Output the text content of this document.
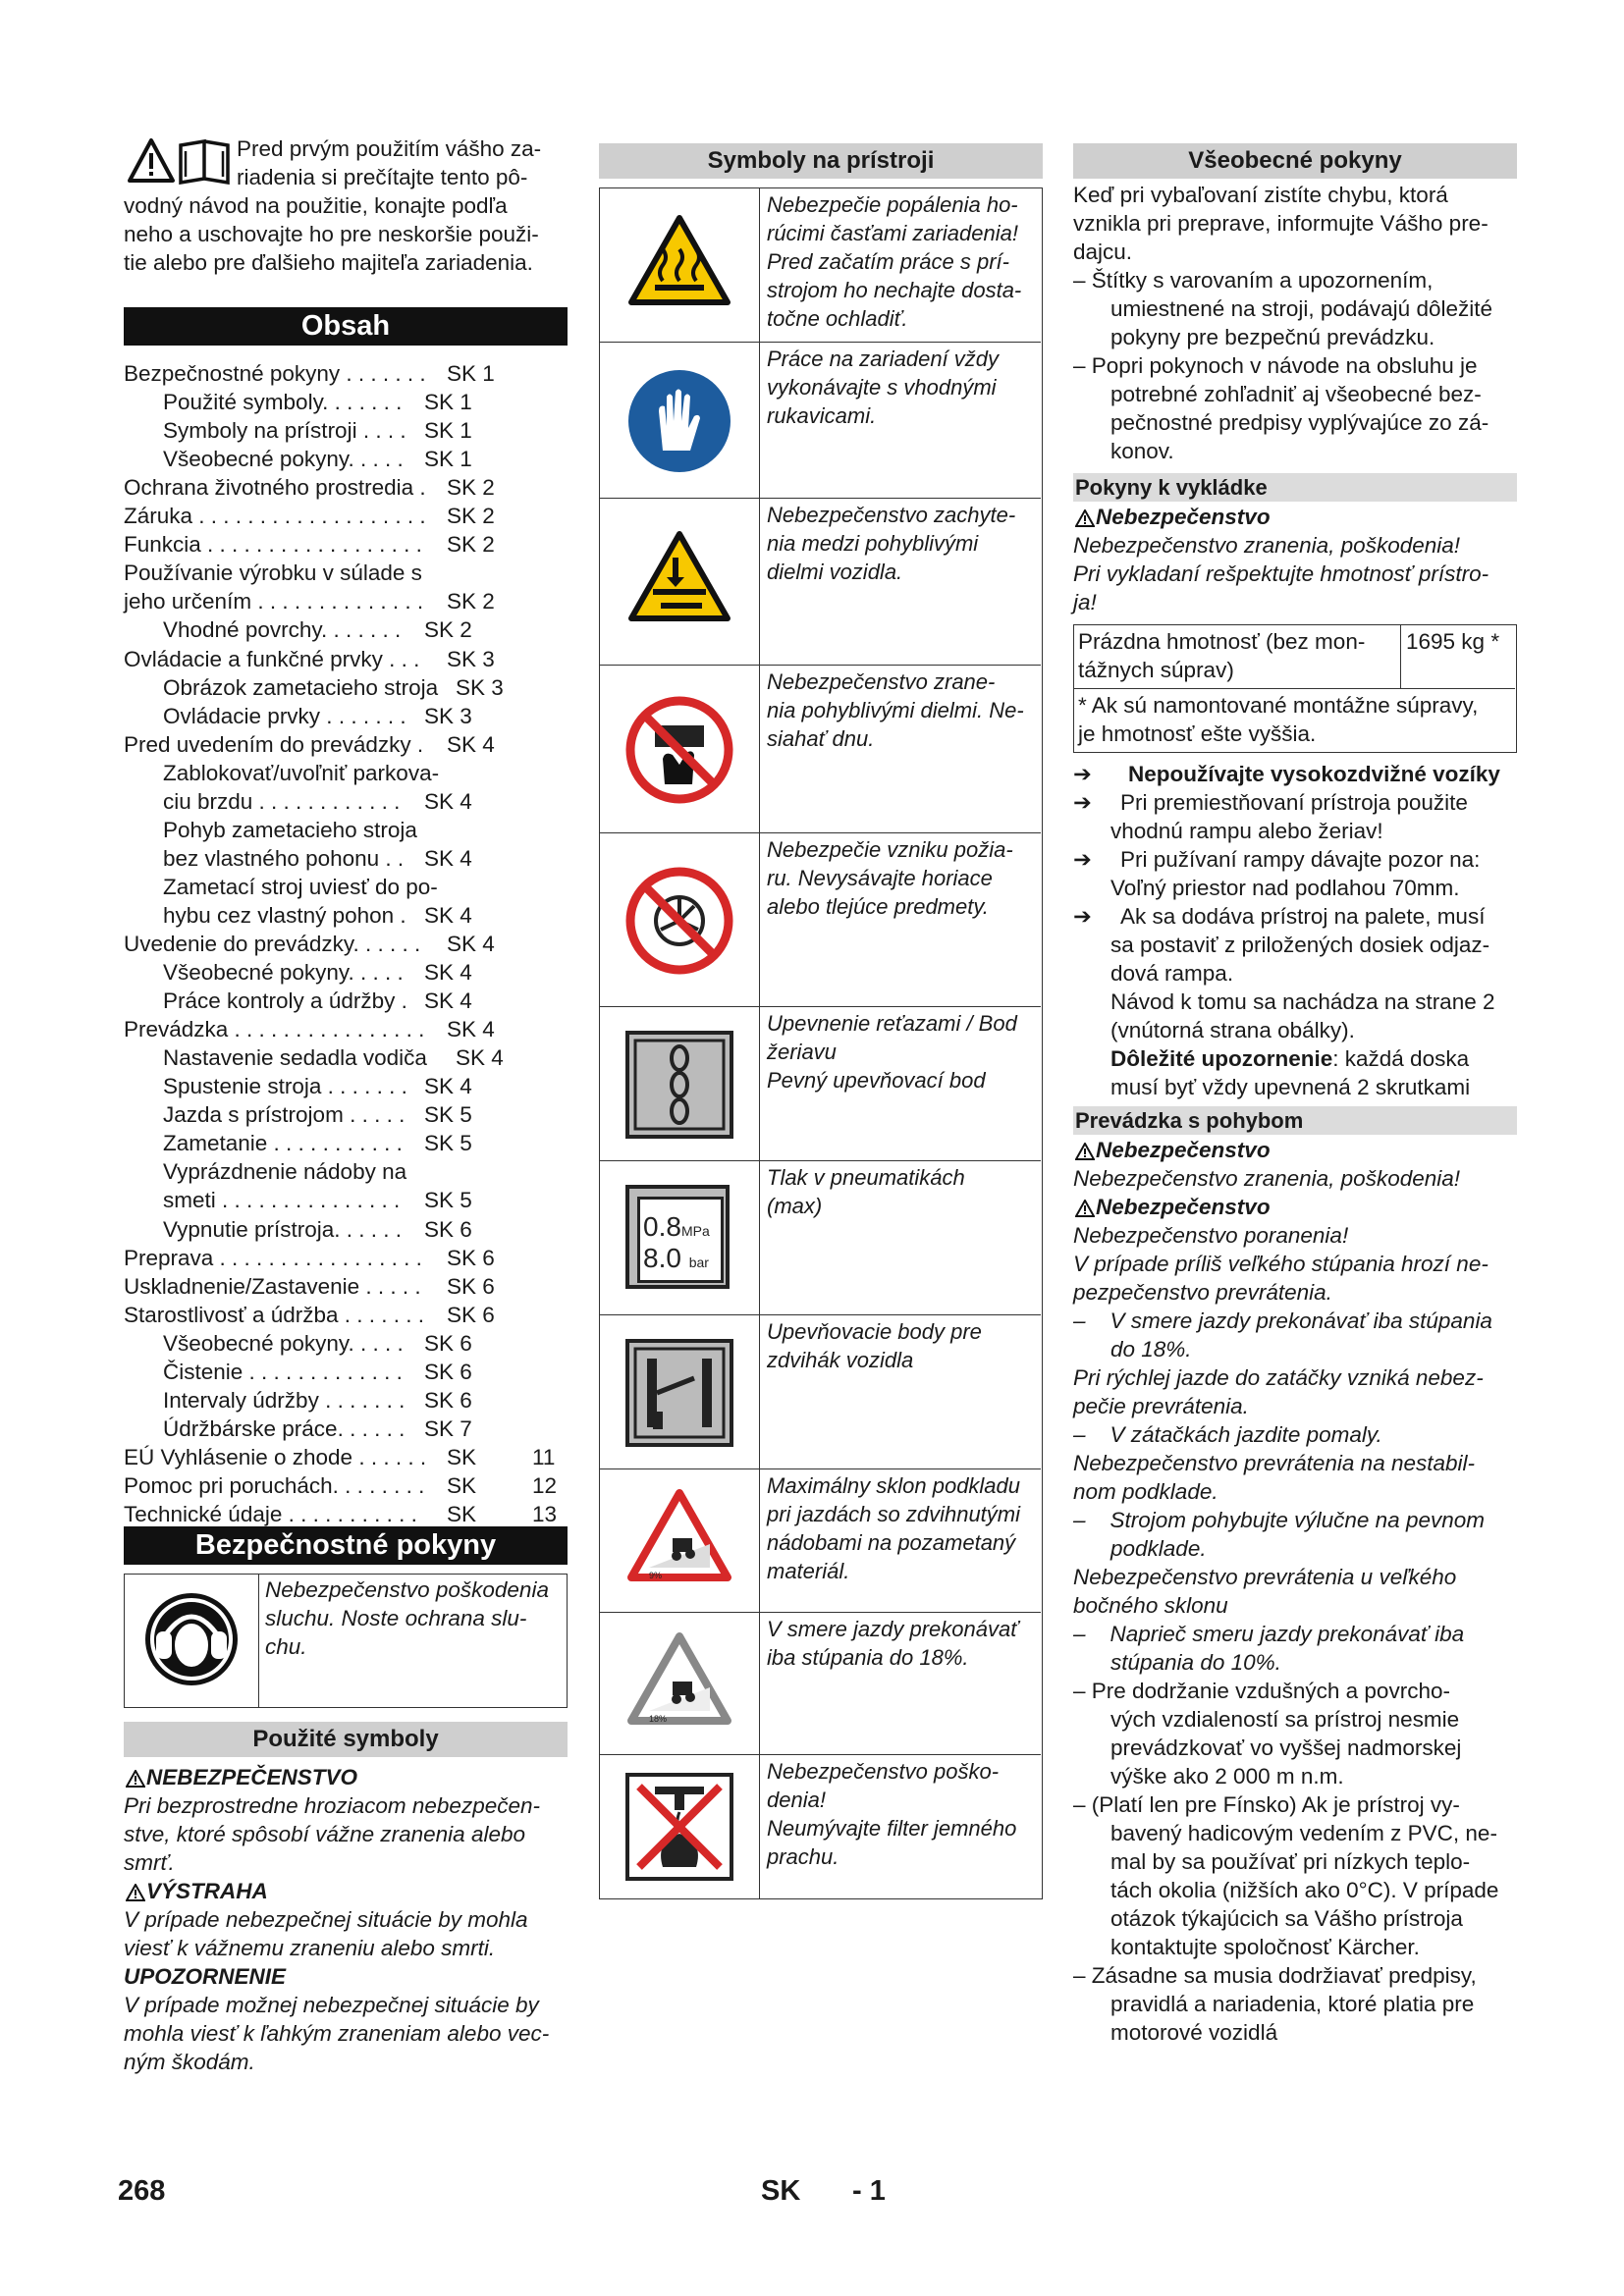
Pred prvým použitím vášho za-
riadenia si prečítajte tento pô-
vodný návod na použitie, konajte podľa
neho a uschovajte ho pre neskoršie použi-
tie alebo pre ďalšieho majiteľa zariadenia.
Obsah
Bezpečnostné pokyny . . . . . . . SK 1
Použité symboly. . . . . . . SK 1
Symboly na prístroji . . . . SK 1
Všeobecné pokyny. . . . . SK 1
Ochrana životného prostredia . SK 2
Záruka . . . . . . . . . . . . . . . . . . . SK 2
Funkcia . . . . . . . . . . . . . . . . . . SK 2
Používanie výrobku v súlade s
jeho určením . . . . . . . . . . . . . . SK 2
Vhodné povrchy. . . . . . . SK 2
Ovládacie a funkčné prvky . . . SK 3
Obrázok zametacieho stroja SK 3
Ovládacie prvky . . . . . . . SK 3
Pred uvedením do prevádzky . SK 4
Zablokovať/uvoľniť parkova-
ciu brzdu . . . . . . . . . . . . SK 4
Pohyb zametacieho stroja
bez vlastného pohonu . . SK 4
Zametací stroj uviesť do po-
hybu cez vlastný pohon . SK 4
Uvedenie do prevádzky. . . . . . SK 4
Všeobecné pokyny. . . . . SK 4
Práce kontroly a údržby . SK 4
Prevádzka . . . . . . . . . . . . . . . . SK 4
Nastavenie sedadla vodiča SK 4
Spustenie stroja . . . . . . . SK 4
Jazda s prístrojom . . . . . SK 5
Zametanie . . . . . . . . . . . SK 5
Vyprázdnenie nádoby na
smeti . . . . . . . . . . . . . . . SK 5
Vypnutie prístroja. . . . . . SK 6
Preprava . . . . . . . . . . . . . . . . . SK 6
Uskladnenie/Zastavenie . . . . . SK 6
Starostlivosť a údržba . . . . . . . SK 6
Všeobecné pokyny. . . . . SK 6
Čistenie . . . . . . . . . . . . . SK 6
Intervaly údržby . . . . . . . SK 6
Údržbárske práce. . . . . . SK 7
EÚ Vyhlásenie o zhode . . . . . . SK	11
Pomoc pri poruchách. . . . . . . . SK	12
Technické údaje . . . . . . . . . . . SK	13
Bezpečnostné pokyny
Nebezpečenstvo poškodenia
sluchu. Noste ochrana slu-
chu.
Použité symboly
NEBEZPEČENSTVO
Pri bezprostredne hroziacom nebezpečen-
stve, ktoré spôsobí vážne zranenia alebo
smrť.
VÝSTRAHA
V prípade nebezpečnej situácie by mohla
viesť k vážnemu zraneniu alebo smrti.
UPOZORNENIE
V prípade možnej nebezpečnej situácie by
mohla viesť k ľahkým zraneniam alebo vec-
ným škodám.
Symboly na prístroji
Nebezpečie popálenia ho-
rúcimi časťami zariadenia!
Pred začatím práce s prí-
strojom ho nechajte dosta-
točne ochladiť.
Práce na zariadení vždy
vykonávajte s vhodnými
rukavicami.
Nebezpečenstvo zachyte-
nia medzi pohyblivými
dielmi vozidla.
Nebezpečenstvo zrane-
nia pohyblivými dielmi. Ne-
siahať dnu.
Nebezpečie vzniku požia-
ru. Nevysávajte horiace
alebo tlejúce predmety.
Upevnenie reťazami / Bod
žeriavu
Pevný upevňovací bod
0.8MPa
8.0 bar
Tlak v pneumatikách
(max)
Upevňovacie body pre
zdvihák vozidla
9%
Maximálny sklon podkladu
pri jazdách so zdvihnutými
nádobami na pozametaný
materiál.
18%
V smere jazdy prekonávať
iba stúpania do 18%.
Nebezpečenstvo poško-
denia!
Neumývajte filter jemného
prachu.
Všeobecné pokyny
Keď pri vybaľovaní zistíte chybu, ktorá
vznikla pri preprave, informujte Vášho pre-
dajcu.
– Štítky s varovaním a upozornením,
umiestnené na stroji, podávajú dôležité
pokyny pre bezpečnú prevádzku.
– Popri pokynoch v návode na obsluhu je
potrebné zohľadniť aj všeobecné bez-
pečnostné predpisy vyplývajúce zo zá-
konov.
Pokyny k vykládke
Nebezpečenstvo
Nebezpečenstvo zranenia, poškodenia!
Pri vykladaní rešpektujte hmotnosť prístro-
ja!
Prázdna hmotnosť (bez mon-
tážnych súprav)
1695 kg *
* Ak sú namontované montážne súpravy,
je hmotnosť ešte vyššia.
➔ Nepoužívajte vysokozdvižné vozíky
➔ Pri premiestňovaní prístroja použite
vhodnú rampu alebo žeriav!
➔ Pri pužívaní rampy dávajte pozor na:
Voľný priestor nad podlahou 70mm.
➔ Ak sa dodáva prístroj na palete, musí
sa postaviť z priložených dosiek odjaz-
dová rampa.
Návod k tomu sa nachádza na strane 2
(vnútorná strana obálky).
Dôležité upozornenie: každá doska
musí byť vždy upevnená 2 skrutkami
Prevádzka s pohybom
Nebezpečenstvo
Nebezpečenstvo zranenia, poškodenia!
Nebezpečenstvo
Nebezpečenstvo poranenia!
V prípade príliš veľkého stúpania hrozí ne-
pezpečenstvo prevrátenia.
–    V smere jazdy prekonávať iba stúpania
do 18%.
Pri rýchlej jazde do zatáčky vzniká nebez-
pečie prevrátenia.
–    V zátačkách jazdite pomaly.
Nebezpečenstvo prevrátenia na nestabil-
nom podklade.
–    Strojom pohybujte výlučne na pevnom
podklade.
Nebezpečenstvo prevrátenia u veľkého
bočného sklonu
–    Naprieč smeru jazdy prekonávať iba
stúpania do 10%.
– Pre dodržanie vzdušných a povrcho-
vých vzdialeností sa prístroj nesmie
prevádzkovať vo vyššej nadmorskej
výške ako 2 000 m n.m.
– (Platí len pre Fínsko) Ak je prístroj vy-
bavený hadicovým vedením z PVC, ne-
mal by sa používať pri nízkych teplo-
tách okolia (nižších ako 0°C). V prípade
otázok týkajúcich sa Vášho prístroja
kontaktujte spoločnosť Kärcher.
– Zásadne sa musia dodržiavať predpisy,
pravidlá a nariadenia, ktoré platia pre
motorové vozidlá
268	SK - 1
